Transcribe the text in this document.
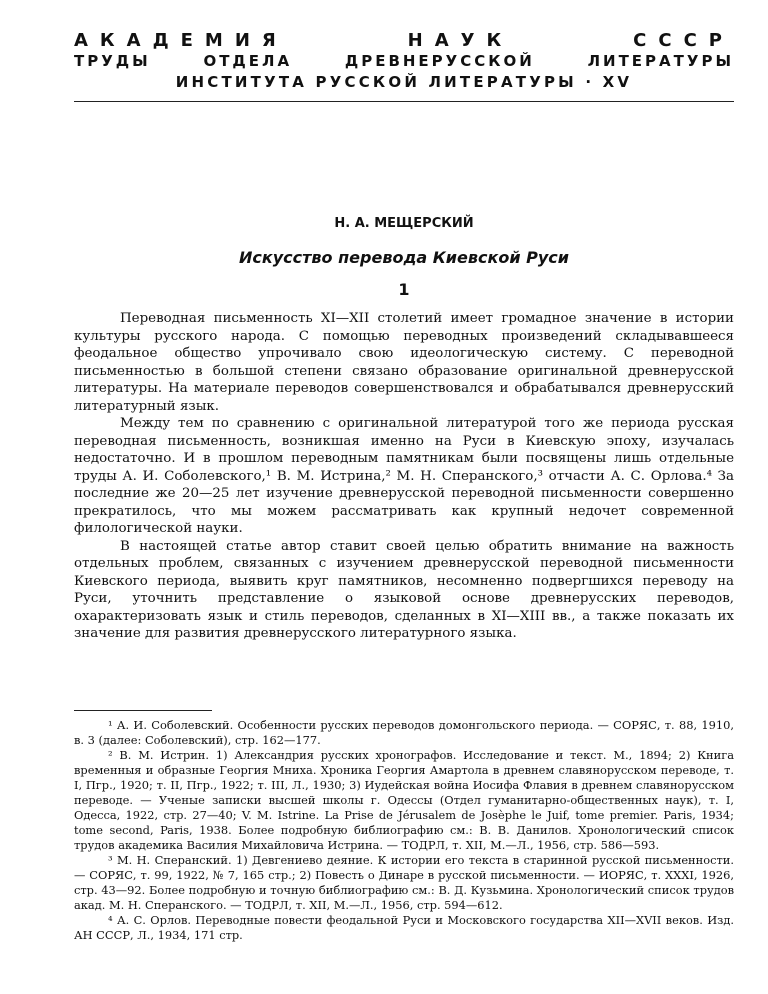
АКАДЕМИЯ	НАУК	СССР
ТРУДЫ	ОТДЕЛА	ДРЕВНЕРУССКОЙ	ЛИТЕРАТУРЫ
ИНСТИТУТА РУССКОЙ ЛИТЕРАТУРЫ · XV
Н. А. МЕЩЕРСКИЙ
Искусство перевода Киевской Руси
1

Переводная письменность XI—XII столетий имеет громадное значение в истории культуры русского народа. С помощью переводных произведений складывавшееся феодальное общество упрочивало свою идеологическую систему. С переводной письменностью в большой степени связано образование оригинальной древнерусской литературы. На материале переводов совершенствовался и обрабатывался древнерусский литературный язык.

Между тем по сравнению с оригинальной литературой того же периода русская переводная письменность, возникшая именно на Руси в Киевскую эпоху, изучалась недостаточно. И в прошлом переводным памятникам были посвящены лишь отдельные труды А. И. Соболевского,¹ В. М. Истрина,² М. Н. Сперанского,³ отчасти А. С. Орлова.⁴ За последние же 20—25 лет изучение древнерусской переводной письменности совершенно прекратилось, что мы можем рассматривать как крупный недочет современной филологической науки.

В настоящей статье автор ставит своей целью обратить внимание на важность отдельных проблем, связанных с изучением древнерусской переводной письменности Киевского периода, выявить круг памятников, несомненно подвергшихся переводу на Руси, уточнить представление о языковой основе древнерусских переводов, охарактеризовать язык и стиль переводов, сделанных в XI—XIII вв., а также показать их значение для развития древнерусского литературного языка.

¹ А. И. Соболевский. Особенности русских переводов домонгольского периода. — СОРЯС, т. 88, 1910, в. 3 (далее: Соболевский), стр. 162—177.

² В. М. Истрин. 1) Александрия русских хронографов. Исследование и текст. М., 1894; 2) Книга временныя и образные Георгия Мниха. Хроника Георгия Амартола в древнем славянорусском переводе, т. I, Пгр., 1920; т. II, Пгр., 1922; т. III, Л., 1930; 3) Иудейская война Иосифа Флавия в древнем славянорусском переводе. — Ученые записки высшей школы г. Одессы (Отдел гуманитарно-общественных наук), т. I, Одесса, 1922, стр. 27—40; V. M. Istrine. La Prise de Jérusalem de Josèphe le Juif, tome premier. Paris, 1934; tome second, Paris, 1938. Более подробную библиографию см.: В. В. Данилов. Хронологический список трудов академика Василия Михайловича Истрина. — ТОДРЛ, т. XII, М.—Л., 1956, стр. 586—593.

³ М. Н. Сперанский. 1) Девгениево деяние. К истории его текста в старинной русской письменности. — СОРЯС, т. 99, 1922, № 7, 165 стр.; 2) Повесть о Динаре в русской письменности. — ИОРЯС, т. XXXI, 1926, стр. 43—92. Более подробную и точную библиографию см.: В. Д. Кузьмина. Хронологический список трудов акад. М. Н. Сперанского. — ТОДРЛ, т. XII, М.—Л., 1956, стр. 594—612.

⁴ А. С. Орлов. Переводные повести феодальной Руси и Московского государства XII—XVII веков. Изд. АН СССР, Л., 1934, 171 стр.
